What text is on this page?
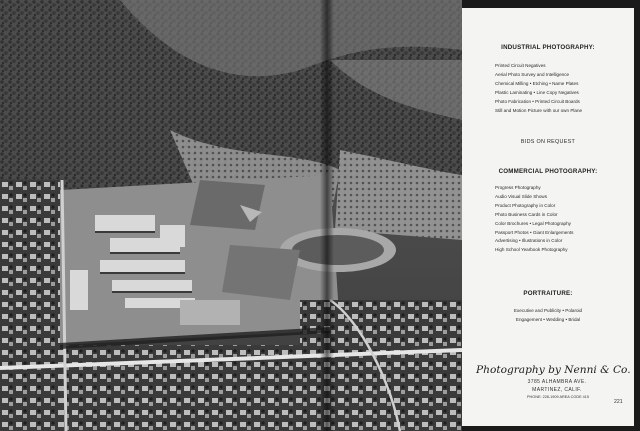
INDUSTRIAL PHOTOGRAPHY:
Printed Circuit Negatives
Aerial Photo Survey and Intelligence
Chemical Milling • Etching • Name Plates
Plastic Laminating • Line Copy Negatives
Photo Fabrication • Printed Circuit Boards
Still and Motion Picture with our own Plane
BIDS ON REQUEST
COMMERCIAL PHOTOGRAPHY:
Progress Photography
Audio Visual Slide Shows
Product Photography in Color
Photo Business Cards in Color
Color Brochures • Legal Photography
Passport Photos • Giant Enlargements
Advertising • Illustrations in Color
High School Yearbook Photography
PORTRAITURE:
Executive and Publicity • Polaroid
Engagement • Wedding • Bridal
Photography by Nenni & Co.
3785 ALHAMBRA AVE.
MARTINEZ, CALIF.
PHONE: 228-1909 AREA CODE 415
221
